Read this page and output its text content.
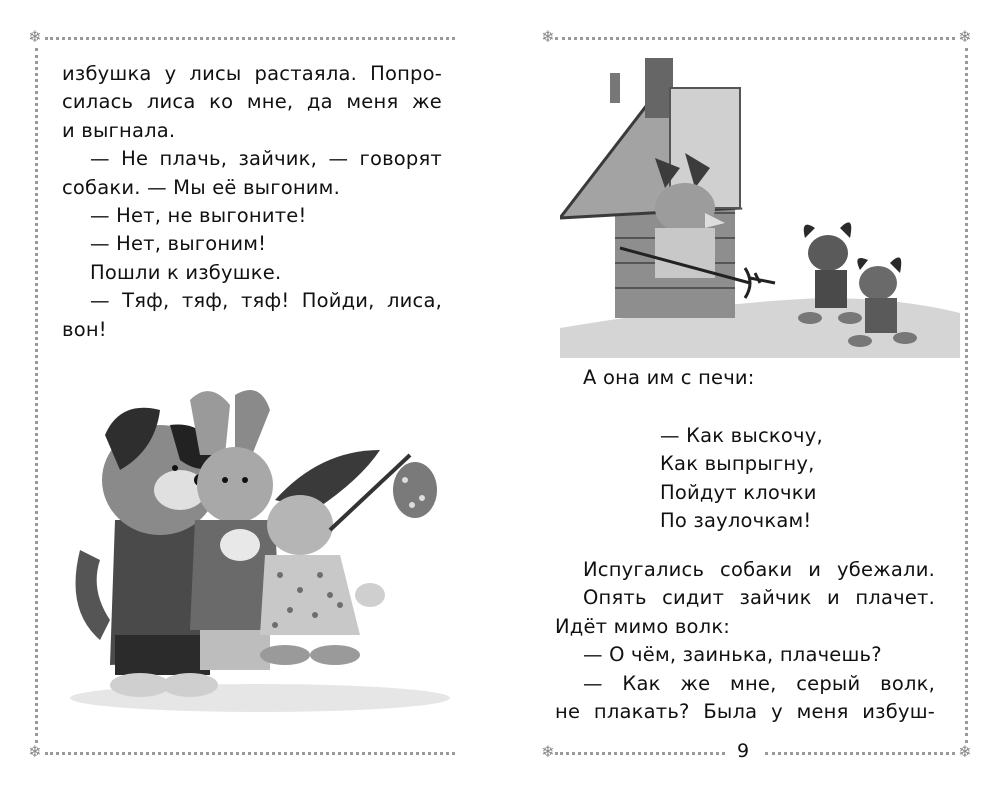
❄
❄
❄
❄
❄
❄

избушка у лисы растаяла. Попро-

силась лиса ко мне, да меня же

и выгнала.

— Не плачь, зайчик, — говорят

собаки. — Мы её выгоним.

— Нет, не выгоните!

— Нет, выгоним!

Пошли к избушке.

— Тяф, тяф, тяф! Пойди, лиса,

вон!

А она им с печи:

— Как выскочу,

Как выпрыгну,

Пойдут клочки

По заулочкам!

Испугались собаки и убежали.

Опять сидит зайчик и плачет.

Идёт мимо волк:

— О чём, заинька, плачешь?

— Как же мне, серый волк,

не плакать? Была у меня избуш-

9
